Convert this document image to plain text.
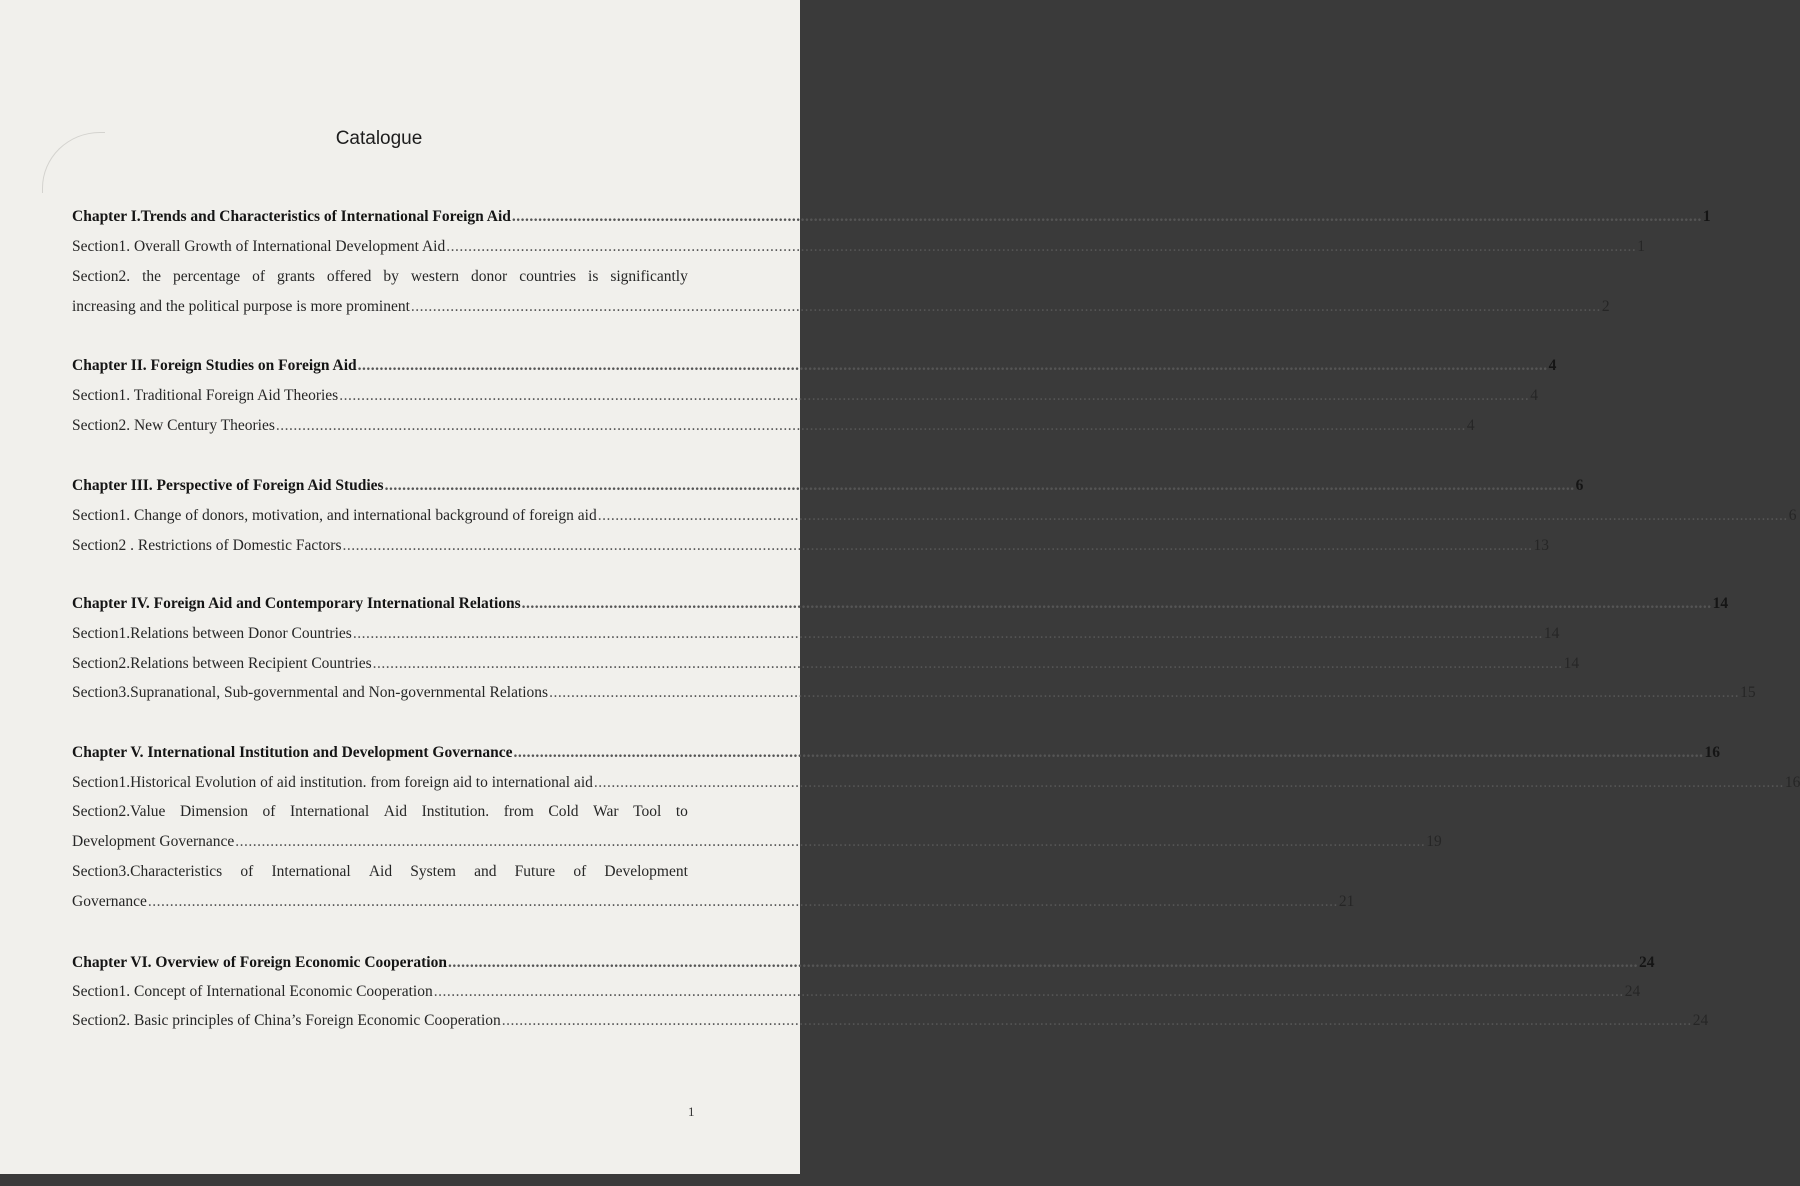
Catalogue
Chapter I.Trends and Characteristics of International Foreign Aid .....	1
Section1. Overall Growth of International Development Aid .....	1
Section2. the percentage of grants offered by western donor countries is significantly
increasing and the political purpose is more prominent .....	2
Chapter II. Foreign Studies on Foreign Aid .....	4
Section1. Traditional Foreign Aid Theories .....	4
Section2. New Century Theories .....	4
Chapter III. Perspective of Foreign Aid Studies .....	6
Section1. Change of donors, motivation, and international background of foreign aid .....	6
Section2 . Restrictions of Domestic Factors .....	13
Chapter IV. Foreign Aid and Contemporary International Relations .....	14
Section1.Relations between Donor Countries .....	14
Section2.Relations between Recipient Countries .....	14
Section3.Supranational, Sub-governmental and Non-governmental Relations .....	15
Chapter V. International Institution and Development Governance .....	16
Section1.Historical Evolution of aid institution. from foreign aid to international aid .....	16
Section2.Value Dimension of International Aid Institution. from Cold War Tool to
Development Governance .....	19
Section3.Characteristics of International Aid System and Future of Development
Governance .....	21
Chapter VI. Overview of Foreign Economic Cooperation .....	24
Section1. Concept of International Economic Cooperation .....	24
Section2. Basic principles of China’s Foreign Economic Cooperation .....	24
1
